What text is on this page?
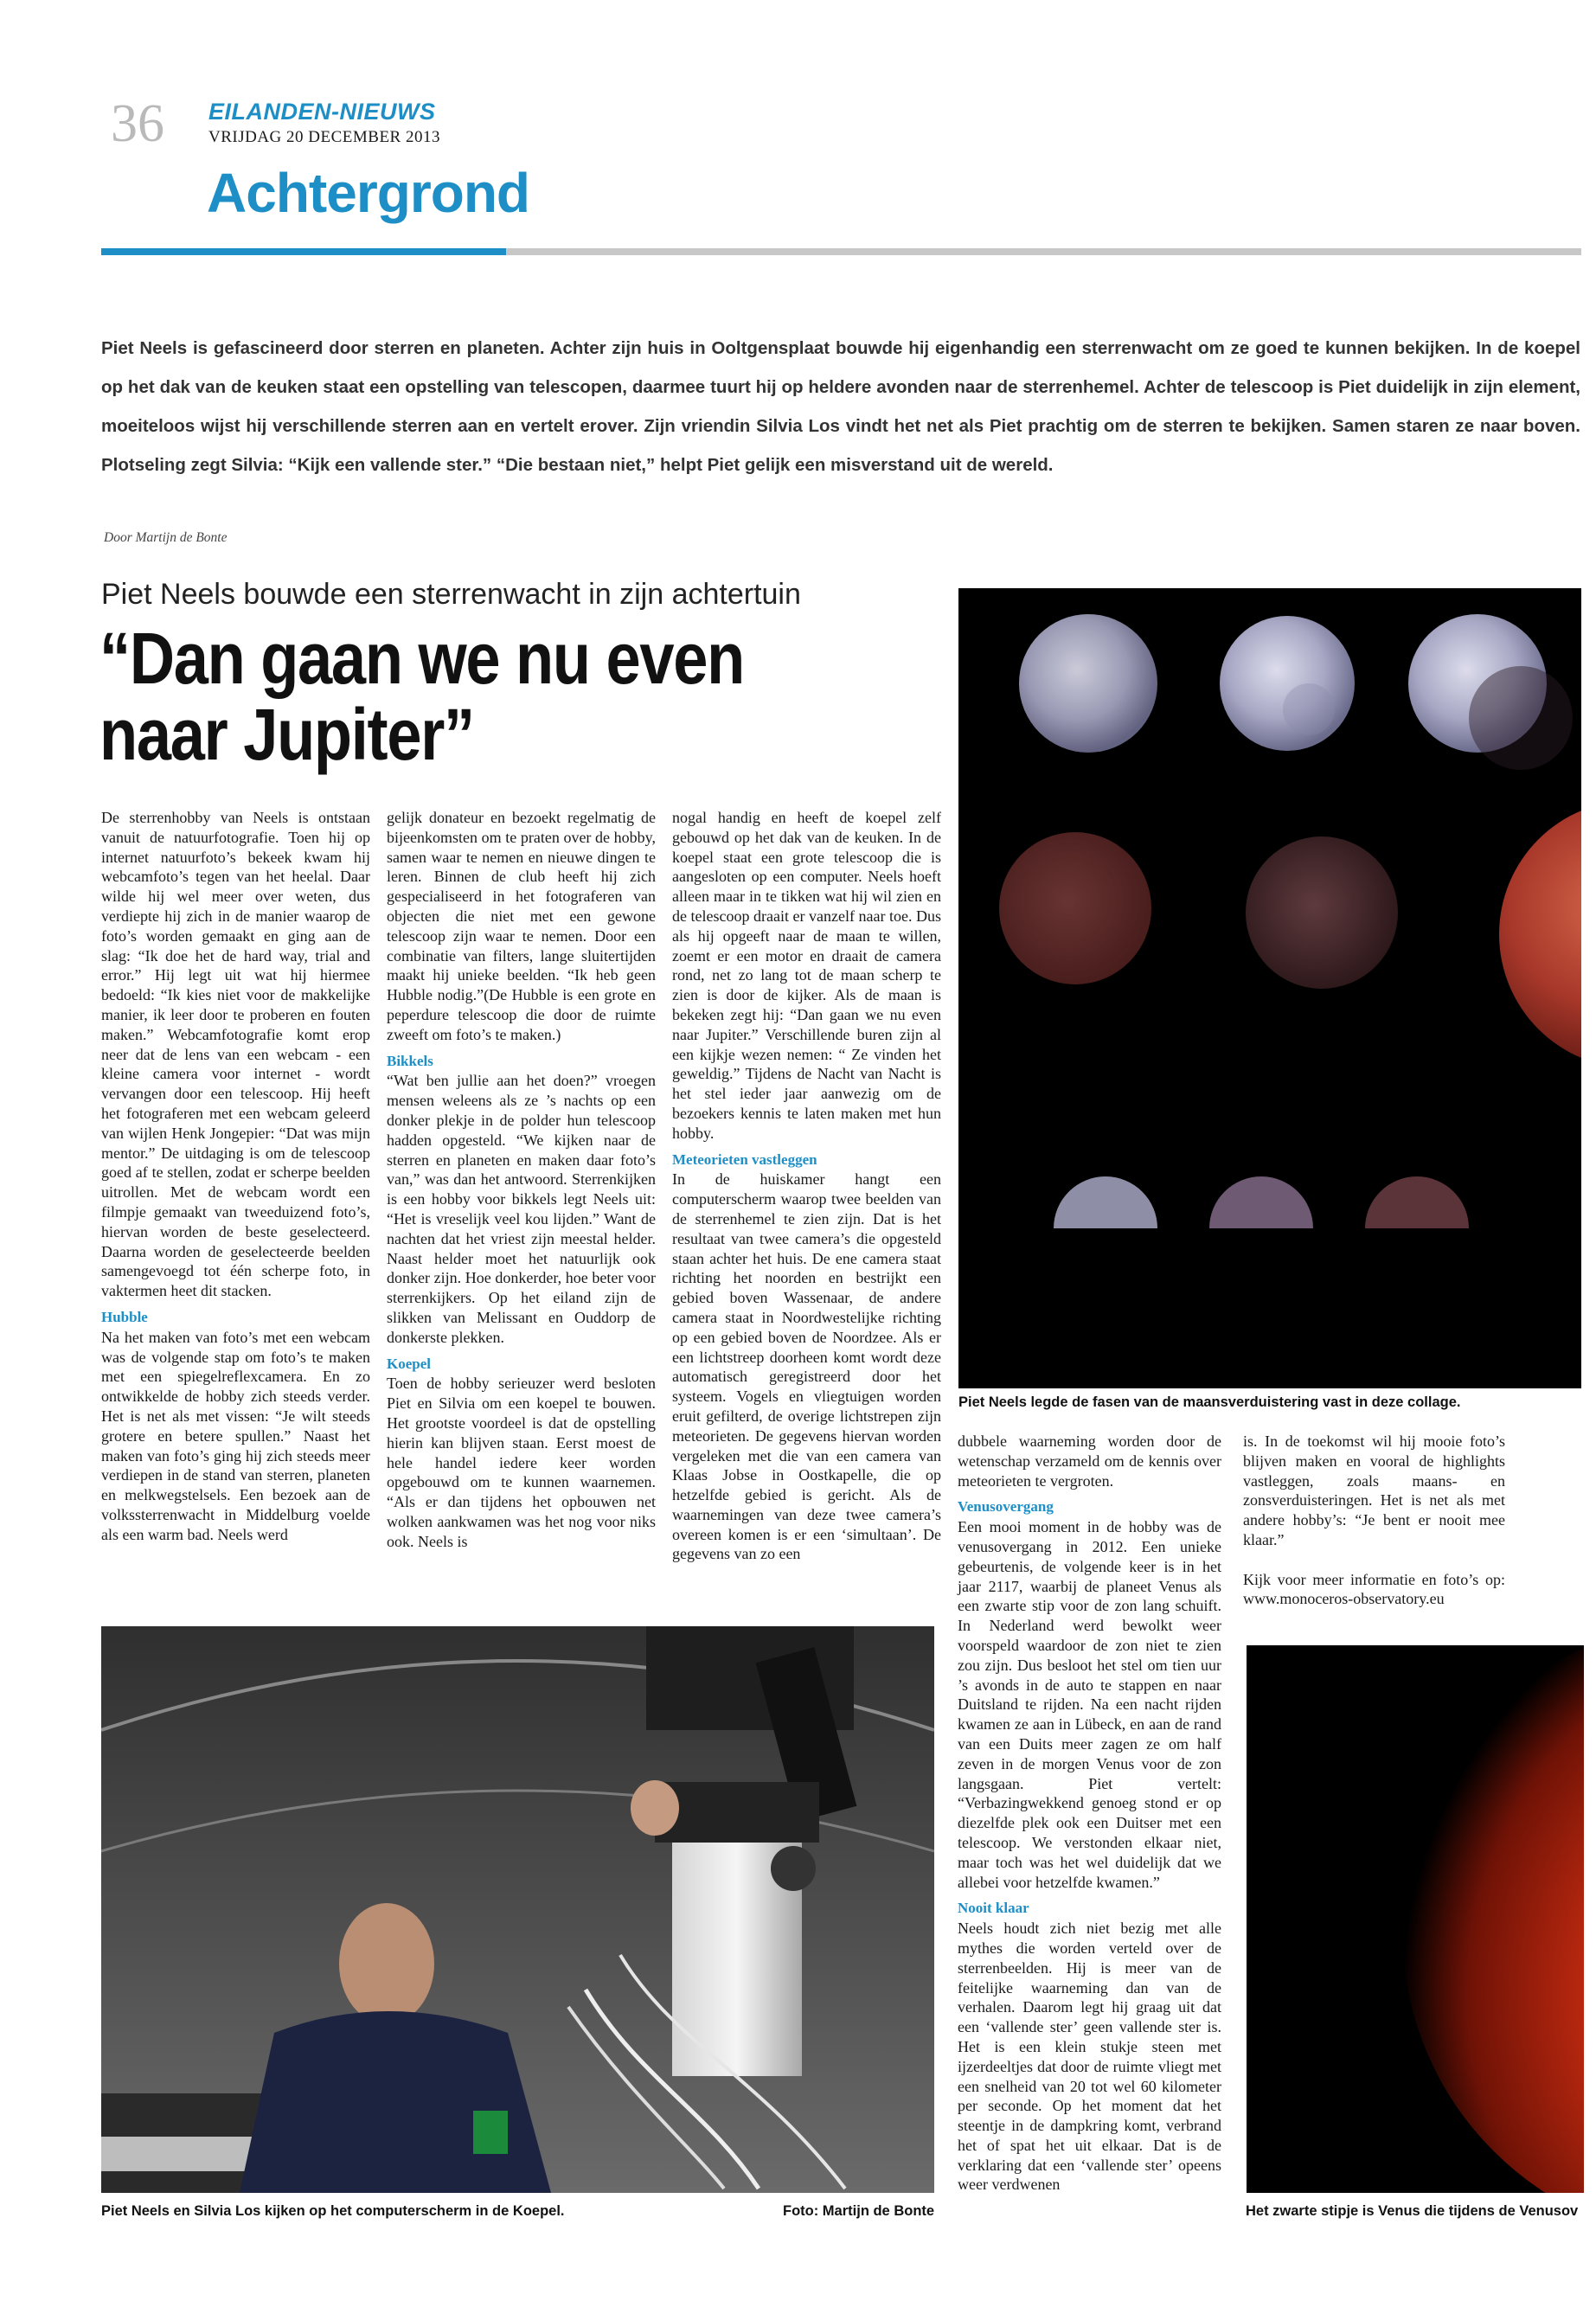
36 EILANDEN-NIEUWS
VRIJDAG 20 DECEMBER 2013
Achtergrond
Piet Neels is gefascineerd door sterren en planeten. Achter zijn huis in Ooltgensplaat bouwde hij eigenhandig een sterrenwacht om ze goed te kunnen bekijken. In de koepel op het dak van de keuken staat een opstelling van telescopen, daarmee tuurt hij op heldere avonden naar de sterrenhemel. Achter de telescoop is Piet duidelijk in zijn element, moeiteloos wijst hij verschillende sterren aan en vertelt erover. Zijn vriendin Silvia Los vindt het net als Piet prachtig om de sterren te bekijken. Samen staren ze naar boven. Plotseling zegt Silvia: “Kijk een vallende ster.” “Die bestaan niet,” helpt Piet gelijk een misverstand uit de wereld.
Door Martijn de Bonte
Piet Neels bouwde een sterrenwacht in zijn achtertuin
“Dan gaan we nu even naar Jupiter”

De sterrenhobby van Neels is ontstaan vanuit de natuurfotografie. Toen hij op internet natuurfoto’s bekeek kwam hij webcamfoto’s tegen van het heelal. Daar wilde hij wel meer over weten, dus verdiepte hij zich in de manier waarop de foto’s worden gemaakt en ging aan de slag: “Ik doe het de hard way, trial and error.” Hij legt uit wat hij hiermee bedoeld: “Ik kies niet voor de makkelijke manier, ik leer door te proberen en fouten maken.” Webcamfotografie komt erop neer dat de lens van een webcam - een kleine camera voor internet - wordt vervangen door een telescoop. Hij heeft het fotograferen met een webcam geleerd van wijlen Henk Jongepier: “Dat was mijn mentor.” De uitdaging is om de telescoop goed af te stellen, zodat er scherpe beelden uitrollen. Met de webcam wordt een filmpje gemaakt van tweeduizend foto’s, hiervan worden de beste geselecteerd. Daarna worden de geselecteerde beelden samengevoegd tot één scherpe foto, in vaktermen heet dit stacken.

Hubble

Na het maken van foto’s met een webcam was de volgende stap om foto’s te maken met een spiegelreflexcamera. En zo ontwikkelde de hobby zich steeds verder. Het is net als met vissen: “Je wilt steeds grotere en betere spullen.” Naast het maken van foto’s ging hij zich steeds meer verdiepen in de stand van sterren, planeten en melkwegstelsels. Een bezoek aan de volkssterrenwacht in Middelburg voelde als een warm bad. Neels werd

gelijk donateur en bezoekt regelmatig de bijeenkomsten om te praten over de hobby, samen waar te nemen en nieuwe dingen te leren. Binnen de club heeft hij zich gespecialiseerd in het fotograferen van objecten die niet met een gewone telescoop zijn waar te nemen. Door een combinatie van filters, lange sluitertijden maakt hij unieke beelden. “Ik heb geen Hubble nodig.”(De Hubble is een grote en peperdure telescoop die door de ruimte zweeft om foto’s te maken.)

Bikkels

“Wat ben jullie aan het doen?” vroegen mensen weleens als ze ’s nachts op een donker plekje in de polder hun telescoop hadden opgesteld. “We kijken naar de sterren en planeten en maken daar foto’s van,” was dan het antwoord. Sterrenkijken is een hobby voor bikkels legt Neels uit: “Het is vreselijk veel kou lijden.” Want de nachten dat het vriest zijn meestal helder. Naast helder moet het natuurlijk ook donker zijn. Hoe donkerder, hoe beter voor sterrenkijkers. Op het eiland zijn de slikken van Melissant en Ouddorp de donkerste plekken.

Koepel

Toen de hobby serieuzer werd besloten Piet en Silvia om een koepel te bouwen. Het grootste voordeel is dat de opstelling hierin kan blijven staan. Eerst moest de hele handel iedere keer worden opgebouwd om te kunnen waarnemen. “Als er dan tijdens het opbouwen net wolken aankwamen was het nog voor niks ook. Neels is

nogal handig en heeft de koepel zelf gebouwd op het dak van de keuken. In de koepel staat een grote telescoop die is aangesloten op een computer. Neels hoeft alleen maar in te tikken wat hij wil zien en de telescoop draait er vanzelf naar toe. Dus als hij opgeeft naar de maan te willen, zoemt er een motor en draait de camera rond, net zo lang tot de maan scherp te zien is door de kijker. Als de maan is bekeken zegt hij: “Dan gaan we nu even naar Jupiter.” Verschillende buren zijn al een kijkje wezen nemen: “ Ze vinden het geweldig.” Tijdens de Nacht van Nacht is het stel ieder jaar aanwezig om de bezoekers kennis te laten maken met hun hobby.

Meteorieten vastleggen

In de huiskamer hangt een computerscherm waarop twee beelden van de sterrenhemel te zien zijn. Dat is het resultaat van twee camera’s die opgesteld staan achter het huis. De ene camera staat richting het noorden en bestrijkt een gebied boven Wassenaar, de andere camera staat in Noordwestelijke richting op een gebied boven de Noordzee. Als er een lichtstreep doorheen komt wordt deze automatisch geregistreerd door het systeem. Vogels en vliegtuigen worden eruit gefilterd, de overige lichtstrepen zijn meteorieten. De gegevens hiervan worden vergeleken met die van een camera van Klaas Jobse in Oostkapelle, die op hetzelfde gebied is gericht. Als de waarnemingen van deze twee camera’s overeen komen is er een ‘simultaan’. De gegevens van zo een

dubbele waarneming worden door de wetenschap verzameld om de kennis over meteorieten te vergroten.

Venusovergang

Een mooi moment in de hobby was de venusovergang in 2012. Een unieke gebeurtenis, de volgende keer is in het jaar 2117, waarbij de planeet Venus als een zwarte stip voor de zon lang schuift. In Nederland werd bewolkt weer voorspeld waardoor de zon niet te zien zou zijn. Dus besloot het stel om tien uur ’s avonds in de auto te stappen en naar Duitsland te rijden. Na een nacht rijden kwamen ze aan in Lübeck, en aan de rand van een Duits meer zagen ze om half zeven in de morgen Venus voor de zon langsgaan. Piet vertelt: “Verbazingwekkend genoeg stond er op diezelfde plek ook een Duitser met een telescoop. We verstonden elkaar niet, maar toch was het wel duidelijk dat we allebei voor hetzelfde kwamen.”

Nooit klaar

Neels houdt zich niet bezig met alle mythes die worden verteld over de sterrenbeelden. Hij is meer van de feitelijke waarneming dan van de verhalen. Daarom legt hij graag uit dat een ‘vallende ster’ geen vallende ster is. Het is een klein stukje steen met ijzerdeeltjes dat door de ruimte vliegt met een snelheid van 20 tot wel 60 kilometer per seconde. Op het moment dat het steentje in de dampkring komt, verbrand het of spat het uit elkaar. Dat is de verklaring dat een ‘vallende ster’ opeens weer verdwenen

is. In de toekomst wil hij mooie foto’s blijven maken en vooral de highlights vastleggen, zoals maans- en zonsverduisteringen. Het is net als met andere hobby’s: “Je bent er nooit mee klaar.”

Kijk voor meer informatie en foto’s op: www.monoceros-observatory.eu

Piet Neels legde de fasen van de maansverduistering vast in deze collage.
Piet Neels en Silvia Los kijken op het computerscherm in de Koepel.	Foto: Martijn de Bonte	Het zwarte stipje is Venus die tijdens de Venusov
